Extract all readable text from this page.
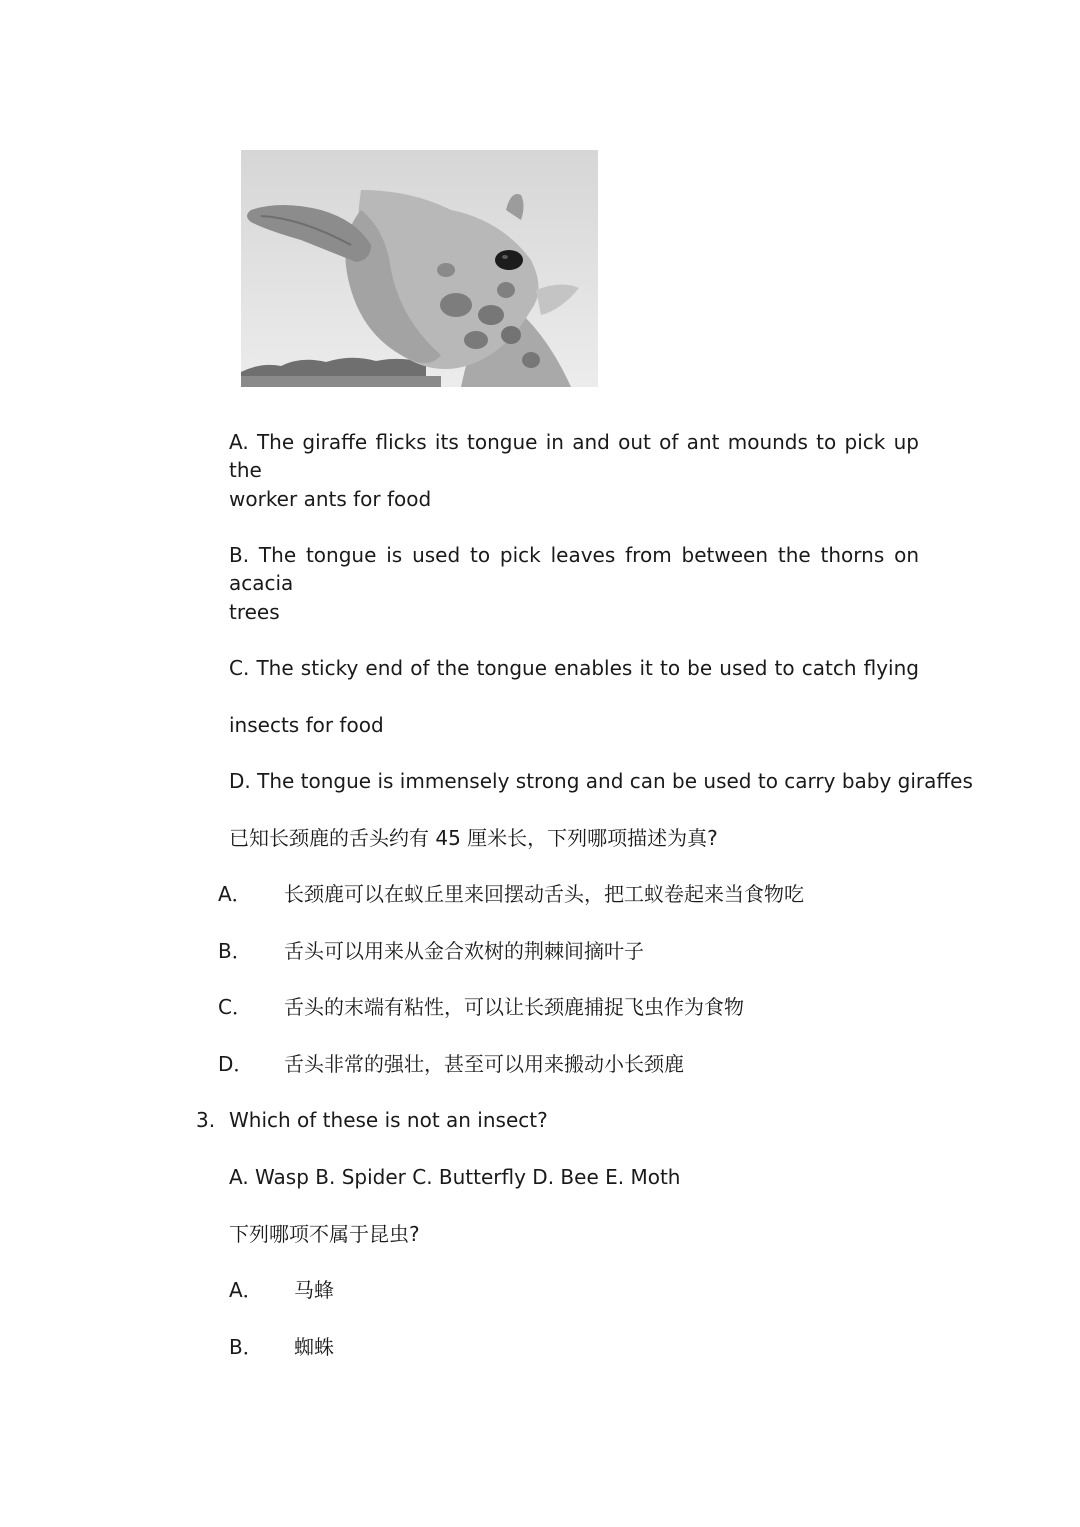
A. The giraffe flicks its tongue in and out of ant mounds to pick up the
worker ants for food
B. The tongue is used to pick leaves from between the thorns on acacia
trees
C. The sticky end of the tongue enables it to be used to catch flying
insects for food
D. The tongue is immensely strong and can be used to carry baby giraffes
已知长颈鹿的舌头约有 45 厘米长，下列哪项描述为真?
A． 长颈鹿可以在蚁丘里来回摆动舌头，把工蚁卷起来当食物吃
B． 舌头可以用来从金合欢树的荆棘间摘叶子
C． 舌头的末端有粘性，可以让长颈鹿捕捉飞虫作为食物
D． 舌头非常的强壮，甚至可以用来搬动小长颈鹿
3. Which of these is not an insect?
A. Wasp B. Spider C. Butterfly D. Bee E. Moth
下列哪项不属于昆虫?
A． 马蜂
B． 蜘蛛
